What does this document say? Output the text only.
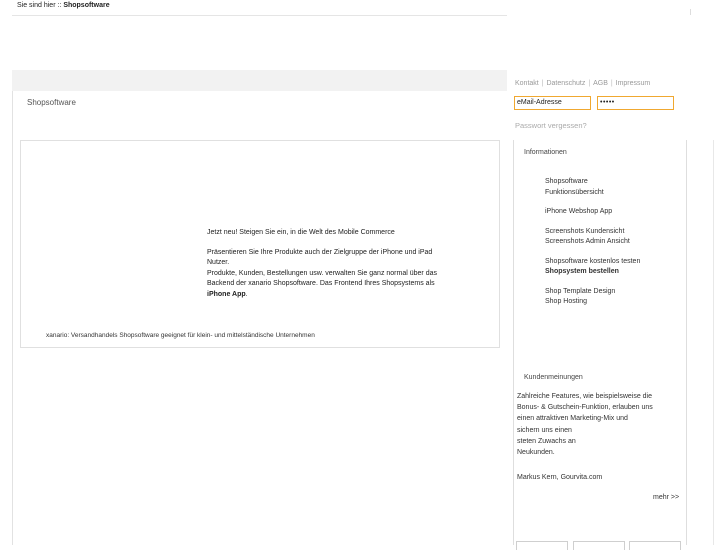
Sie sind hier :: Shopsoftware
Shopsoftware

Jetzt neu! Steigen Sie ein, in die Welt des Mobile Commerce

Präsentieren Sie Ihre Produkte auch der Zielgruppe der iPhone und iPad Nutzer.

Produkte, Kunden, Bestellungen usw. verwalten Sie ganz normal über das Backend der xanario Shopsoftware. Das Frontend Ihres Shopsystems als iPhone App.

xanario: Versandhandels Shopsoftware geeignet für klein- und mittelständische Unternehmen
Kontakt | Datenschutz | AGB | Impressum
eMail-Adresse	•••••
Passwort vergessen?
Informationen
Shopsoftware
Funktionsübersicht
iPhone Webshop App
Screenshots Kundensicht
Screenshots Admin Ansicht
Shopsoftware kostenlos testen
Shopsystem bestellen
Shop Template Design
Shop Hosting
Kundenmeinungen

Zahlreiche Features, wie beispielsweise die

Bonus- & Gutschein-Funktion, erlauben uns

einen attraktiven Marketing-Mix und

sichern uns einen

steten Zuwachs an

Neukunden.

Markus Kern, Gourvita.com
mehr >>
